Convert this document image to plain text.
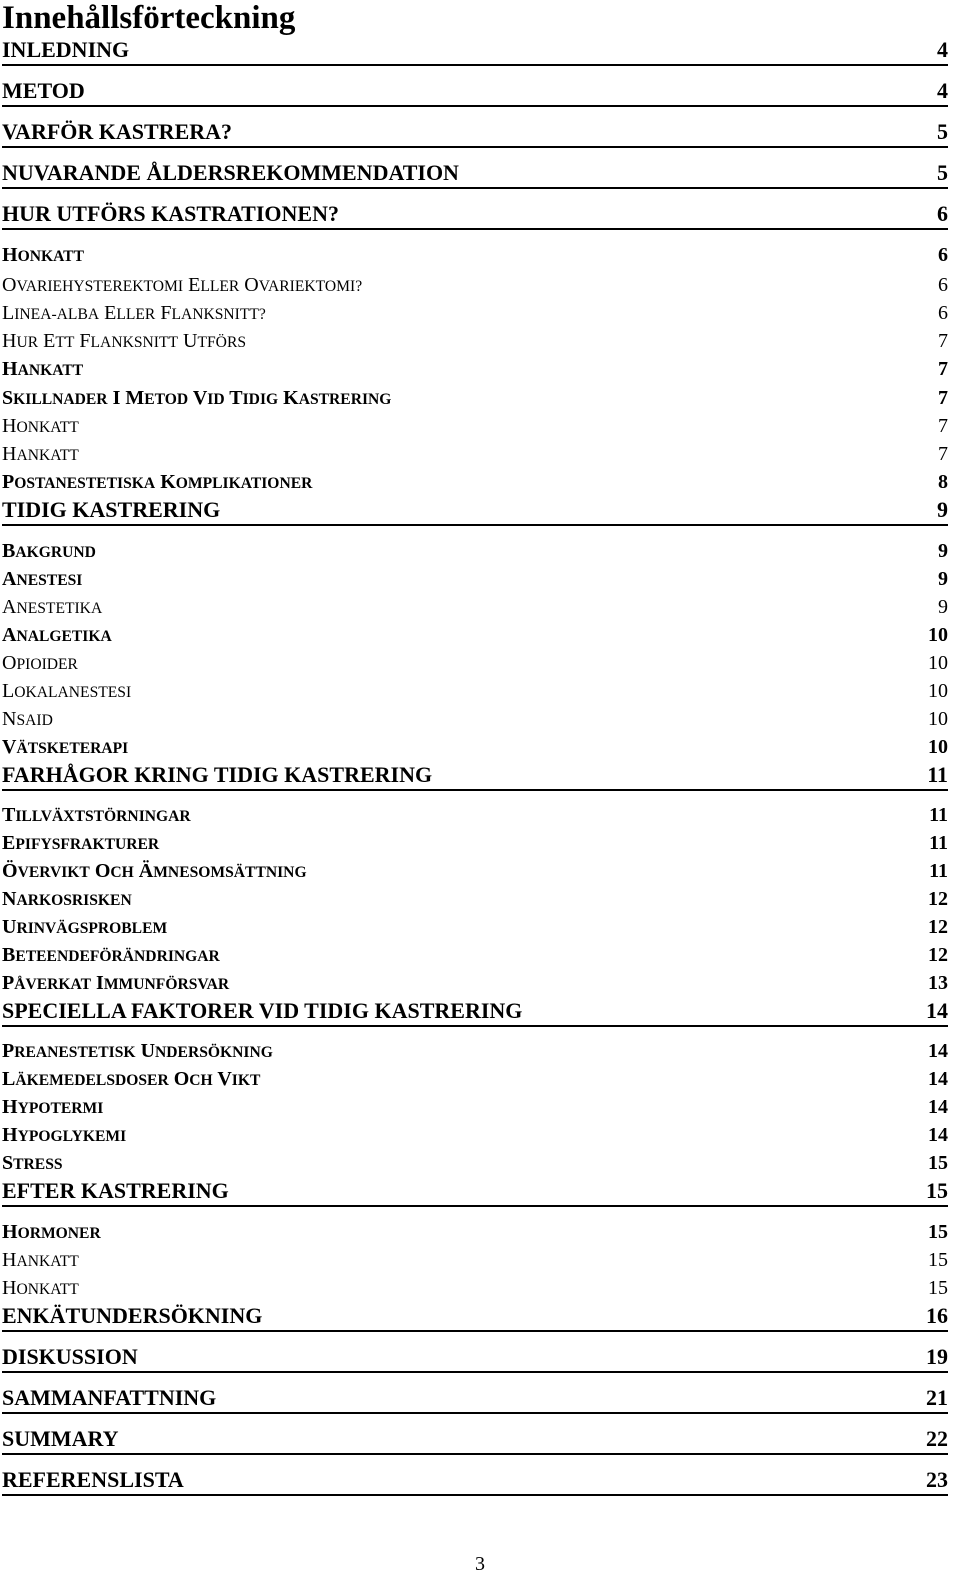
Innehållsförteckning
INLEDNING	4
METOD	4
VARFÖR KASTRERA?	5
NUVARANDE ÅLDERSREKOMMENDATION	5
HUR UTFÖRS KASTRATIONEN?	6
HONKATT	6
OVARIEHYSTEREKTOMI ELLER OVARIEKTOMI?	6
LINEA-ALBA ELLER FLANKSNITT?	6
HUR ETT FLANKSNITT UTFÖRS	7
HANKATT	7
SKILLNADER I METOD VID TIDIG KASTRERING	7
HONKATT	7
HANKATT	7
POSTANESTETISKA KOMPLIKATIONER	8
TIDIG KASTRERING	9
BAKGRUND	9
ANESTESI	9
ANESTETIKA	9
ANALGETIKA	10
OPIOIDER	10
LOKALANESTESI	10
NSAID	10
VÄTSKETERAPI	10
FARHÅGOR KRING TIDIG KASTRERING	11
TILLVÄXTSTÖRNINGAR	11
EPIFYSFRAKTURER	11
ÖVERVIKT OCH ÄMNESOMSÄTTNING	11
NARKOSRISKEN	12
URINVÄGSPROBLEM	12
BETEENDEFÖRÄNDRINGAR	12
PÅVERKAT IMMUNFÖRSVAR	13
SPECIELLA FAKTORER VID TIDIG KASTRERING	14
PREANESTETISK UNDERSÖKNING	14
LÄKEMEDELSDOSER OCH VIKT	14
HYPOTERMI	14
HYPOGLYKEMI	14
STRESS	15
EFTER KASTRERING	15
HORMONER	15
HANKATT	15
HONKATT	15
ENKÄTUNDERSÖKNING	16
DISKUSSION	19
SAMMANFATTNING	21
SUMMARY	22
REFERENSLISTA	23
3
